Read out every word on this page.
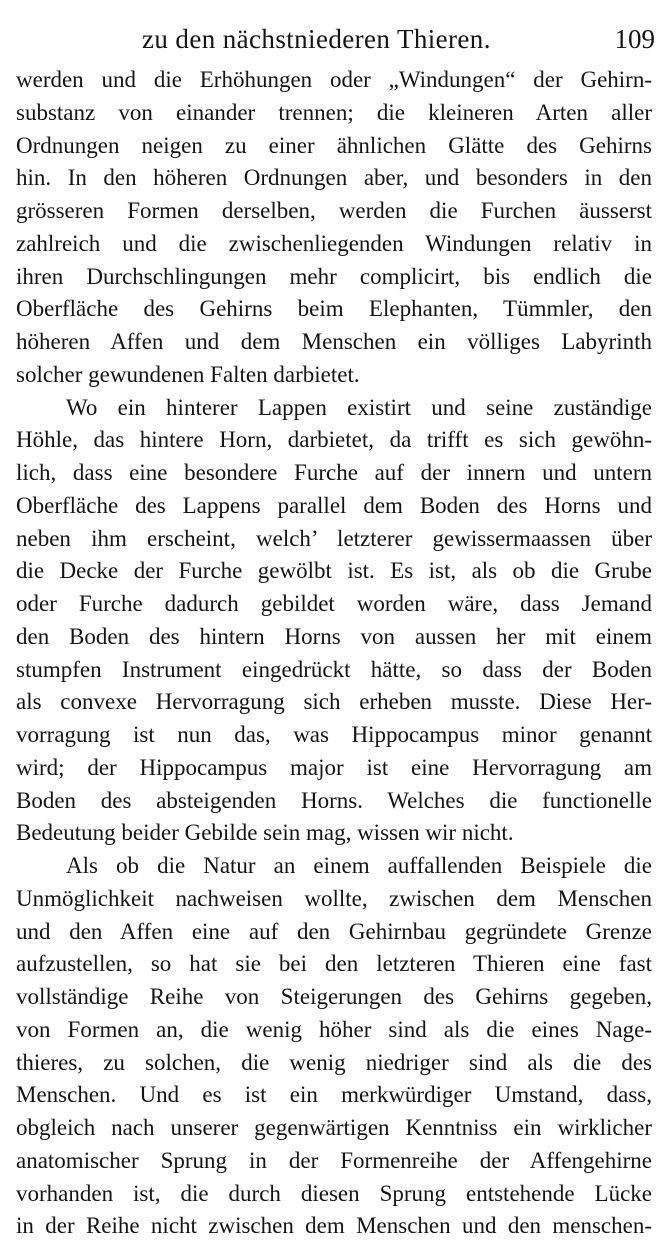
zu den nächstniederen Thieren.	109
werden und die Erhöhungen oder „Windungen“ der Gehirn-
substanz von einander trennen; die kleineren Arten aller
Ordnungen neigen zu einer ähnlichen Glätte des Gehirns
hin. In den höheren Ordnungen aber, und besonders in den
grösseren Formen derselben, werden die Furchen äusserst
zahlreich und die zwischenliegenden Windungen relativ in
ihren Durchschlingungen mehr complicirt, bis endlich die
Oberfläche des Gehirns beim Elephanten, Tümmler, den
höheren Affen und dem Menschen ein völliges Labyrinth
solcher gewundenen Falten darbietet.
Wo ein hinterer Lappen existirt und seine zuständige
Höhle, das hintere Horn, darbietet, da trifft es sich gewöhn-
lich, dass eine besondere Furche auf der innern und untern
Oberfläche des Lappens parallel dem Boden des Horns und
neben ihm erscheint, welch’ letzterer gewissermaassen über
die Decke der Furche gewölbt ist. Es ist, als ob die Grube
oder Furche dadurch gebildet worden wäre, dass Jemand
den Boden des hintern Horns von aussen her mit einem
stumpfen Instrument eingedrückt hätte, so dass der Boden
als convexe Hervorragung sich erheben musste. Diese Her-
vorragung ist nun das, was Hippocampus minor genannt
wird; der Hippocampus major ist eine Hervorragung am
Boden des absteigenden Horns. Welches die functionelle
Bedeutung beider Gebilde sein mag, wissen wir nicht.
Als ob die Natur an einem auffallenden Beispiele die
Unmöglichkeit nachweisen wollte, zwischen dem Menschen
und den Affen eine auf den Gehirnbau gegründete Grenze
aufzustellen, so hat sie bei den letzteren Thieren eine fast
vollständige Reihe von Steigerungen des Gehirns gegeben,
von Formen an, die wenig höher sind als die eines Nage-
thieres, zu solchen, die wenig niedriger sind als die des
Menschen. Und es ist ein merkwürdiger Umstand, dass,
obgleich nach unserer gegenwärtigen Kenntniss ein wirklicher
anatomischer Sprung in der Formenreihe der Affengehirne
vorhanden ist, die durch diesen Sprung entstehende Lücke
in der Reihe nicht zwischen dem Menschen und den menschen-
